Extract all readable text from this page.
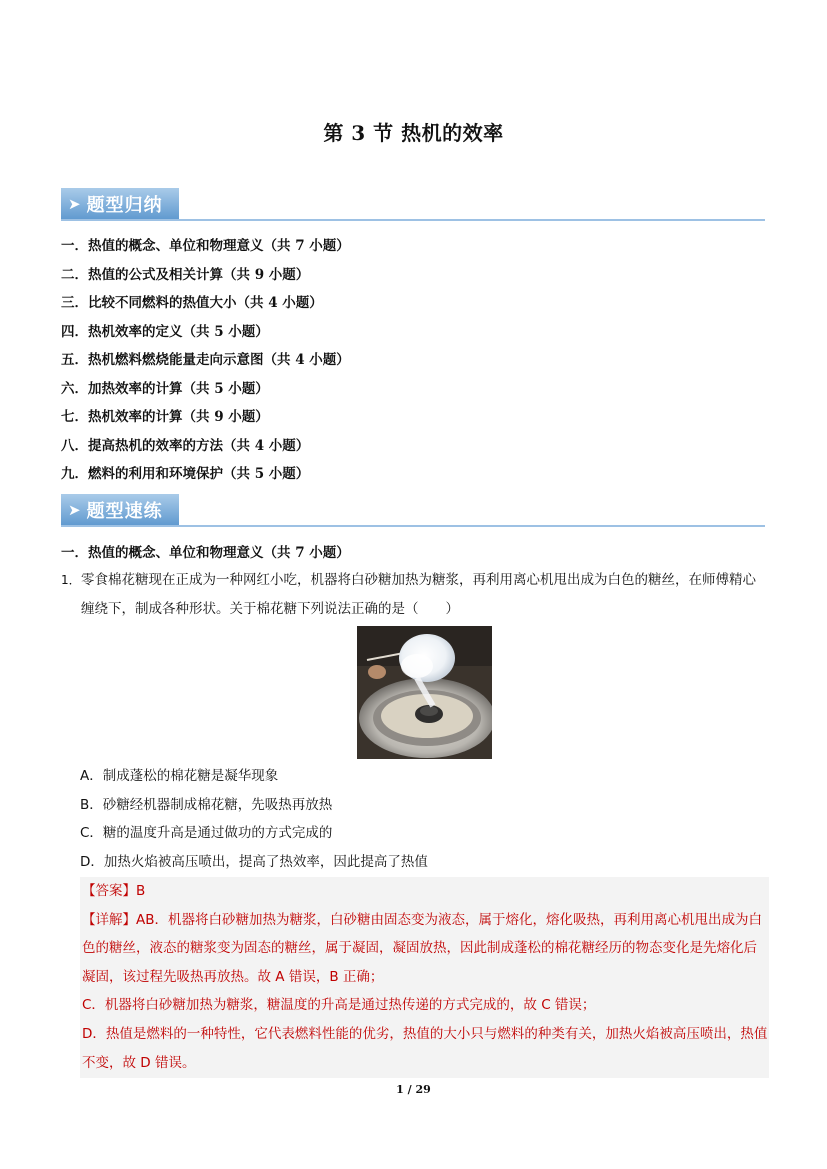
第 3 节 热机的效率
➤ 题型归纳
一．热值的概念、单位和物理意义（共 7 小题）
二．热值的公式及相关计算（共 9 小题）
三．比较不同燃料的热值大小（共 4 小题）
四．热机效率的定义（共 5 小题）
五．热机燃料燃烧能量走向示意图（共 4 小题）
六．加热效率的计算（共 5 小题）
七．热机效率的计算（共 9 小题）
八．提高热机的效率的方法（共 4 小题）
九．燃料的利用和环境保护（共 5 小题）
➤ 题型速练
一．热值的概念、单位和物理意义（共 7 小题）
1． 零食棉花糖现在正成为一种网红小吃，机器将白砂糖加热为糖浆，再利用离心机甩出成为白色的糖丝，在师傅精心缠绕下，制成各种形状。关于棉花糖下列说法正确的是（　　）
A．制成蓬松的棉花糖是凝华现象
B．砂糖经机器制成棉花糖，先吸热再放热
C．糖的温度升高是通过做功的方式完成的
D．加热火焰被高压喷出，提高了热效率，因此提高了热值

【答案】B

【详解】AB．机器将白砂糖加热为糖浆，白砂糖由固态变为液态，属于熔化，熔化吸热，再利用离心机甩出成为白色的糖丝，液态的糖浆变为固态的糖丝，属于凝固，凝固放热，因此制成蓬松的棉花糖经历的物态变化是先熔化后凝固，该过程先吸热再放热。故 A 错误，B 正确；

C．机器将白砂糖加热为糖浆，糖温度的升高是通过热传递的方式完成的，故 C 错误；

D．热值是燃料的一种特性，它代表燃料性能的优劣，热值的大小只与燃料的种类有关，加热火焰被高压喷出，热值不变，故 D 错误。

1 / 29
